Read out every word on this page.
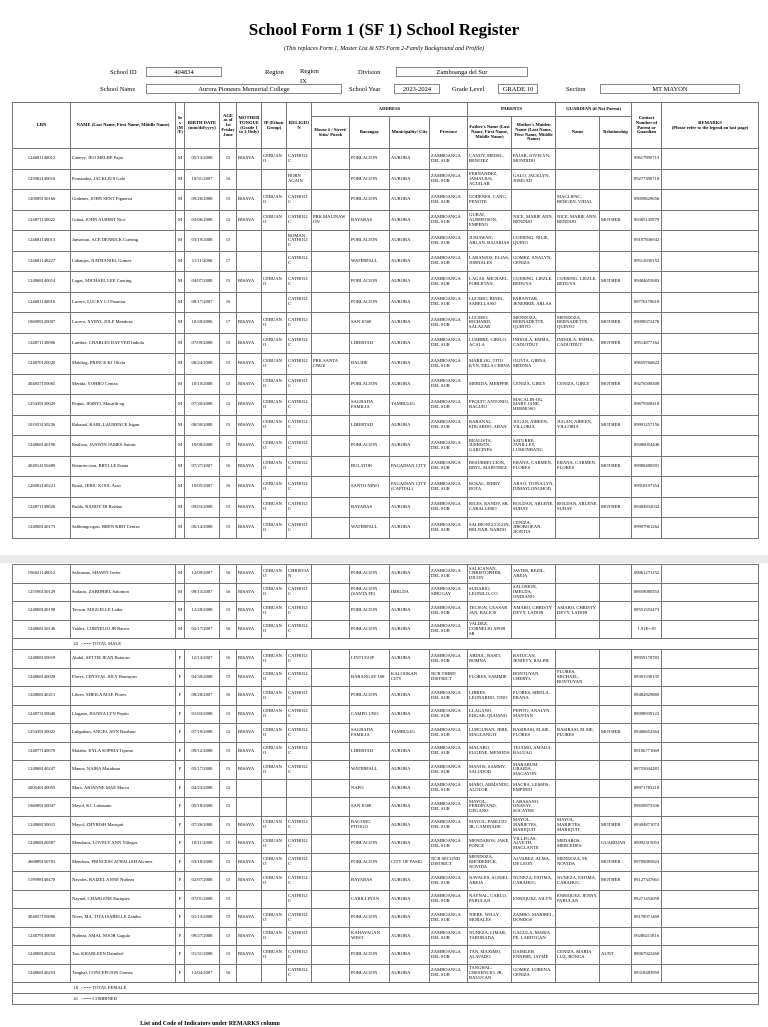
School Form 1 (SF 1) School Register
(This replaces Form 1, Master List & STS Form 2-Family Background and Profile)
School ID	404834	Region Region IX
Division	Zamboanga del Sur
School Name	Aurora Pioneers Memorial College	School Year	2023-2024	Grade Level	GRADE 10	Section	MT MAYON
LRN	NAME (Last Name, First Name, Middle Name)	Sex (M/F)	BIRTH DATE (mm/dd/yyyy)	AGE as of 1st Friday June	MOTHER TONGUE (Grade 1 to 3 Only)	IP (Ethnic Group)	RELIGION	ADDRESS				PARENTS		GUARDIAN (if Not Parent)		Contact Number of Parent or Guardian	REMARKS
(Please refer to the legend on last page)
								House # / Street/ Sitio/ Purok	Barangay	Municipality/ City	Province	Father's Name (Last Name, First Name, Middle Name)	Mother's Maiden Name (Last Name, First Name, Middle Name)	Name	Relationship		
124681140012	Caneyy, JEO MELBE Pajar	M	05/13/2008	15	BISAYA	CEBUANO	CATHOLIC		POBLACION	AURORA	ZAMBOANGA DEL SUR	CANOY, MEDEL, BENITEZ	PAJAR, JOVELYN, MONDIDO			09617990713	
125982140016	Fernandez, JACKLIUS Galo	M	10/31/2007	16			BORN AGAIN		POBLACION	AURORA	ZAMBOANGA DEL SUR	FERNANDEZ, JAMALIUS, AGUILAR	GALO, JACKLYN, JOMUAD			09277390718	
120009130166	Godenes, JOHN SENT Figueroa	M	09/26/2008	15	BISAYA	CEBUANO	CATHOLIC		POBLACION	AURORA	ZAMBOANGA DEL SUR	GODENES, CANG, PENOTE		MAGLIPAC, BENGEN, VIDAL		09058629656	
124871130022	Gubat, JOHN ALBERT Nice	M	03/06/2008	15	BISAYA	CEBUANO	CATHOLIC	PRK.MALINAWON	BAYABAS	AURORA	ZAMBOANGA DEL SUR	GUBAT, ALBERTSON, EMPENO	NICE, MARIE ANN, BENDIJO	NICE, MARIE ANN, BENDIJO	MOTHER	09385145879	
124681140013	Jumawan, ACE DENRICK Cuering	M	03/19/2008	15			ROMAN CATHOLIC		POBLACION	AURORA	ZAMBOANGA DEL SUR	JUMAWAN, ARLAN, BAJARIAS	CUERING, NILIE, QUINO			09107836942	
124681140227	Labanjos, NATHANIEL Gomez	M	11/11/2006	17			CATHOLIC		WATERFALL	AURORA	ZAMBOANGA DEL SUR	LABANJOS, ELIAS, JORNALES	GOMEZ, ANALYN, CENIZA			09512030152	
124868140014	Lagas, MICHAEL LEE Cuering	M	04/07/2008	15	BISAYA	CEBUANO	CATHOLIC		POBLACION	AURORA	ZAMBOANGA DEL SUR	LAGAS, MICHAEL, POBLETAN	CUERING, LIEZLE, BEDUYA	CUERING, LIEZLE, BEDUYA	MOTHER	09484655683	
124681140016	Lucero, LUCKY CJ Parantar	M	08/17/2007	16			CATHOLIC		POBLACION	AURORA	ZAMBOANGA DEL SUR	LUCERO, RINEL, SABELLANO	PARANTAR, JENEBBIE, ARLAS			09776178618	
196009120007	Lucero, XYRYL JOLF Mendoza	M	10/20/2006	17	BISAYA	CEBUANO	CATHOLIC		SAN JOSE	AURORA	ZAMBOANGA DEL SUR	LUCERO, RICHARD, SALAZAR	MENDOZA, BERNADETTE, QUINTO	MENDOZA, BERNADETTE, QUINTO	MOTHER	09098372478	
124871130006	Lumbre, CHARLES DAYVED Indiola	M	07/09/2008	15	BISAYA	CEBUANO	CATHOLIC		LIBERTAD	AURORA	ZAMBOANGA DEL SUR	LUMBRE, CIRILO, ACALA	INDIOLA, EMMA, CADUTDUT	INDIOLA, EMMA, CADUTDUT	MOTHER	09514877162	
124870120020	Mabilog, PRINCE KJ Olivia	M	06/24/2008	15	BISAYA	CEBUANO	CATHOLIC	PRK.SANTA CRUZ	BALIDE	AURORA	ZAMBOANGA DEL SUR	MABILOG, TITO KYN, DELA CERNA	OLIVIA, GIRNA, MEDINA			09659766822	
404837150065	Merida, YOHRO Ceniza	M	10/10/2008	15	BISAYA	CEBUANO	CATHOLIC		POBLACION	AURORA	ZAMBOANGA DEL SUR	MERIDA, MERPPIE	CENIZA, GIRLY	CENIZA, GIRLY	MOTHER	09276508308	
125439130029	Pequit, JESRYL Macalib-og	M	07/30/2008	15	BISAYA	CEBUANO	CATHOLIC		SAGRADA FAMILIA	TAMBULIG	ZAMBOANGA DEL SUR	PEQUIT, ANTONIO, BAGUIO	MACALIB-OG, MARY JANE, HERMOSO			09679308418	
101953130236	Rabanal, KARL LAURENCE Jugan	M	08/30/2008	15	BISAYA	CEBUANO	CATHOLIC		LIBERTAD	AURORA	ZAMBOANGA DEL SUR	RABANAL, EDUARDO, ABAN	JUGAN, AIREEN, VILLORIA	JUGAN, AIREEN, VILLORIA	MOTHER	09991257156	
124868140196	Realista, JANWIN JAMES Saturn	M	10/08/2008	15	BISAYA	CEBUANO	CATHOLIC		POBLACION	AURORA	ZAMBOANGA DEL SUR	REALISTA, JUERWIN, GARCINES	SATURRE, JANILLEY, LUMONBANG			09486054446	
404914150489	Resurreccion, BRYLLE Erana	M	07/27/2007	16	BISAYA	CEBUANO	CATHOLIC		BULATOK	PAGADIAN CITY	ZAMBOANGA DEL SUR	RESURRECCION, BRYL, MARTINEZ	ERANA, CARMEN, FLORES	ERANA, CARMEN, FLORES	MOTHER	09988480391	
126082140221	Rosal, JERIC KOOL Arao	M	10/05/2007	16	BISAYA	CEBUANO	CATHOLIC		SANTO NINO	PAGADIAN CITY (CAPITAL)	ZAMBOANGA DEL SUR	ROSAL, JERRY ROTA	ARAO, TIONA LYN, DIMAYLONGHOD			09918197354	
124871130026	Rulda, RANDY JR Roldan	M	09/03/2008	15	BISAYA	CEBUANO	CATHOLIC		BAYABAS	AURORA	ZAMBOANGA DEL SUR	RILES, RANDY, SR, CABALLERO	ROLDAN, ARLENE, SUDAY	ROLDAN, ARLENE, SUDAY	MOTHER	09484832032	
124868140173	Salibongcogon, BREN KIRT Ceniza	M	06/14/2008	15	BISAYA	CEBUANO	CATHOLIC		WATERFALL	AURORA	ZAMBOANGA DEL SUR	SALIBONGCOGON, BELNAR, NARDO	CENIZA, JIBOBJOEAN, JIONTIA			09997961262	
196021140012	Salicanan, SHAWN Javier	M	12/09/2007	16	BISAYA	CEBUANO	CHRISTIAN		POBLACION	AURORA	ZAMBOANGA DEL SUR	SALICANAN, CHRISTOPHER, DICON	JAVIER, BEZIL, AREJA			09061271152	
125596130129	Sudario, ZABDHIEL Salomon	M	08/13/2007	16	BISAYA	CEBUANO	CATHOLIC		POBLACION (SANTA FE)	IMELDA	ZAMBOANGA SIBUGAY	SUDARIO, LEONILO, CO	SALOMON, IMELDA, ONDIANO			09659080353	
124868140198	Tecson, MIGUELLE Lador	M	12/28/2008	15	BISAYA	CEBUANO	CATHOLIC		POBLACION	AURORA	ZAMBOANGA DEL SUR	TECSON, CEASAR JAN, BALIOS	AMARO, CHRISTY DEVY, LADOR	AMARO, CHRISTY DEVY, LADOR		09551553473	
124868130146	Valdez, CORNELIO JR Barros	M	02/17/2007	16	BISAYA	CEBUANO	CATHOLIC		POBLACION	AURORA	ZAMBOANGA DEL SUR	VALDEZ, CORNELIO APOR SR				1.91E+10	
23 <=== TOTAL MALE																	
124868130019	Abdul, SETTIE JEAN Batucan	F	12/14/2007	16	BISAYA	CEBUANO	CATHOLIC		LINTUGOP	AURORA	ZAMBOANGA DEL SUR	ABDUL, BASIT, ROMNA	BATUCAN, JENIEVY, RALPH			09959178783	
124868140028	Flores, CRYSTAL JOLY Bontuyan	F	04/30/2008	15	BISAYA	CEBUANO	CATHOLIC		BARANGAY 168	KALOOKAN CITY	NCR THIRD DISTRICT	FLORES, SAMMIE	BONTUYAN, CHERYL	FLORES, MICHAEL, BONTUYAN		09391538135	
124868140211	Libres, SHEILA MAE Flores	F	08/28/2007	16	BISAYA	CEBUANO	CATHOLIC		POBLACION	AURORA	ZAMBOANGA DEL SUR	LIBRES, LEONARDO, TINO	FLORES, SHEILA, ERANA			09482829880	
124873130040	Llagano, HANNA LYN Pepito	F	01/03/2008	15	BISAYA	CEBUANO	CATHOLIC		CAMPO UNO	AURORA	ZAMBOANGA DEL SUR	LLAGANO, EDGAR, QUIJANO	PEPITO, ANALYN, MANTAN			09098939122	
125439130025	Lubguban, ANGEL ANN Basibasi	F	07/19/2008	15	BISAYA	CEBUANO	CATHOLIC		SAGRADA FAMILIA	TAMBULIG	ZAMBOANGA DEL SUR	LUBGUBAN, JEBE, MAGLANGIT	BASIBASI, ELSIE, FLORES	BASIBASI, ELSIE, FLORES	MOTHER	09466652564	
124877140070	Malabo, KYLA SOPHIA Tejamo	F	09/12/2008	15	BISAYA	CEBUANO	CATHOLIC		LIBERTAD	AURORA	ZAMBOANGA DEL SUR	MALABO, EUGENE, MENODA	TEJAMO, AMADA, BALUAG			09106771669	
124868140247	Manos, NAIRA Marabum	F	05/17/2008	15	BISAYA	CEBUANO	CATHOLIC		WATERFALL	AURORA	ZAMBOANGA DEL SUR	MANOS, SAMMY, SALUDOD	MARABUM, UBAIDA, MAGAYON			09753044281	
200546140055	Maro, ARIANNE MAE Macra	F	04/23/2008	15					NAPO	AURORA	ZAMBOANGA DEL SUR	MARO, ARMANDU, ALOLOR	MACRA, LESMIS, EMPINIO			09971783218	
196009130047	Mayol, KC Labasano	F	05/18/2008	15					SAN JOSE	AURORA	ZAMBOANGA DEL SUR	MAYOL, FERDINAND, GEGANO	LABASANO, ONAVAY, SOCAYRE			09650875336	
124868130015	Mayol, ZHYRISH Mariquit	F	07/26/2008	15	BISAYA	CEBUANO	CATHOLIC		BAGONG PITOGO	AURORA	ZAMBOANGA DEL SUR	MAYOL, PABLITO JR, CAMINADE	MAYOL, MARIETES, MARIQUIT	MAYOL, MARIETES, MARIQUIT	MOTHER	09304871074	
124868120587	Mendaros, LOVELY ANN Villegas	F	10/11/2008	15	BISAYA	CEBUANO	CATHOLIC		POBLACION	AURORA	ZAMBOANGA DEL SUR	MENDAROS, JAKE, PONCE	VILLEGAS, ALVETH, MAGLANTE	MEDAROS, MERCEDES	GUARDIAN	09092315053	
466889150703	Mendoza, PRINCESS ATHALIAH Alvarez	F	03/18/2008	15	BISAYA	CEBUANO	CATHOLIC		POBLACION	CITY OF PASIG	NCR SECOND DISTRICT	MENDOZA, RHODERICK, NOVIDA	ALVAREZ, ALMA, DE LEON	MENDOZA, FE NOVIDA	MOTHER	09709885824	
119998140470	Navales, RAIZEL ANNE Nuñeza	F	02/07/2008	15	BISAYA	CEBUANO	CATHOLIC		BAYABAS	AURORA	ZAMBOANGA DEL SUR	NAVALES, AGNIEL AREJA	NUNEZA, FATIMA, CABAHUG	NUNEZA, FATIMA, CABAHUG	MOTHER	09127347661	
	Naynal, CHARLENE Enriquez	F	07/01/2008	15			CATHOLIC		CABILLINAN	AURORA	ZAMBOANGA DEL SUR	NAYNAL, CARLO, PABULAN	ENRIQUEZ, AILYN	ENRIQUEZ, JENNY, PABULAN		09271452058	
404837150096	Nicer, MA. TITA ISABELLE Zambo	F	01/13/2008	15	BISAYA	CEBUANO	CATHOLIC		POBLACION	AURORA	ZAMBOANGA DEL SUR	NIERE, WILLY, MORALES	ZAMBO, MARIBEL, DONDOS			09178971469	
124879130050	Nuñeza, AMAL NOOR Gagula	F	09/27/2008	15	BISAYA	CEBUANO	CATHOLIC		KAHAYAGAN WEST	AURORA	ZAMBOANGA DEL SUR	NUNEZA, LIMAR, TABORADA	GAGULA, MARIA FE, LABITIGAN			09280211816	
124868140252	Tan, KHARLEEN Daimlerf	F	01/31/2008	15	BISAYA	CEBUANO	CATHOLIC		POBLACION	AURORA	ZAMBOANGA DEL SUR	TAN, MAXIMO, ALAVADO	DAIMLER, ENNERE, JAYME	CENIZA, MARIA LUZ, BONGA	AUNT	09067922260	
124868140253	Tanghal, CONCEPCION Gomez	F	12/04/2007	16			CATHOLIC		POBLACION	AURORA	ZAMBOANGA DEL SUR	TANGHAL, CRESENCIO, JR, BALUCAN	GOMEZ, LORENA, CENIZA			09318483959	
18 <=== TOTAL FEMALE																	
41 <=== COMBINED																	
List and Code of Indicators under REMARKS column
